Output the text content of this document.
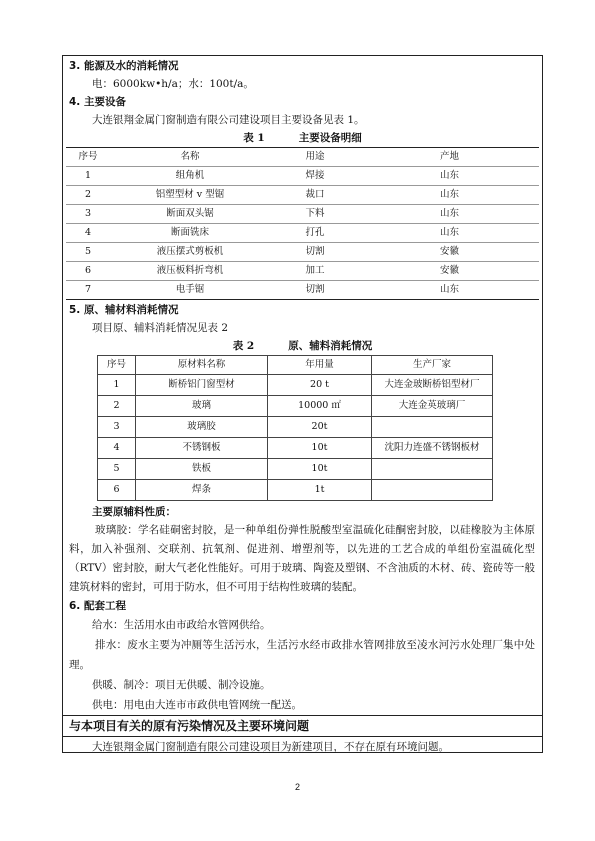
3. 能源及水的消耗情况
电：6000kw•h/a；水：100t/a。
4. 主要设备
大连银翔金属门窗制造有限公司建设项目主要设备见表 1。
表 1	主要设备明细
序号	名称	用途	产地
1	组角机	焊接	山东
2	铝塑型材 v 型锯	裁口	山东
3	断面双头锯	下料	山东
4	断面铣床	打孔	山东
5	液压摆式剪板机	切割	安徽
6	液压板料折弯机	加工	安徽
7	电手锯	切割	山东
5. 原、辅材料消耗情况
项目原、辅料消耗情况见表 2
表 2	原、辅料消耗情况
序号	原材料名称	年用量	生产厂家
1	断桥铝门窗型材	20 t	大连金玻断桥铝型材厂
2	玻璃	10000 ㎡	大连金英玻璃厂
3	玻璃胶	20t	
4	不锈钢板	10t	沈阳力连盛不锈钢板材
5	铁板	10t	
6	焊条	1t	
主要原辅料性质：
玻璃胶：学名硅硐密封胶，是一种单组份弹性脱酸型室温硫化硅酮密封胶，以硅橡胶为主体原料，加入补强剂、交联剂、抗氧剂、促进剂、增塑剂等，以先进的工艺合成的单组份室温硫化型（RTV）密封胶，耐大气老化性能好。可用于玻璃、陶瓷及塑钢、不含油质的木材、砖、瓷砖等一般建筑材料的密封，可用于防水，但不可用于结构性玻璃的装配。
6. 配套工程
给水：生活用水由市政给水管网供给。
排水：废水主要为冲厕等生活污水，生活污水经市政排水管网排放至凌水河污水处理厂集中处理。
供暖、制冷：项目无供暖、制冷设施。
供电：用电由大连市市政供电管网统一配送。
与本项目有关的原有污染情况及主要环境问题
大连银翔金属门窗制造有限公司建设项目为新建项目，不存在原有环境问题。
2
